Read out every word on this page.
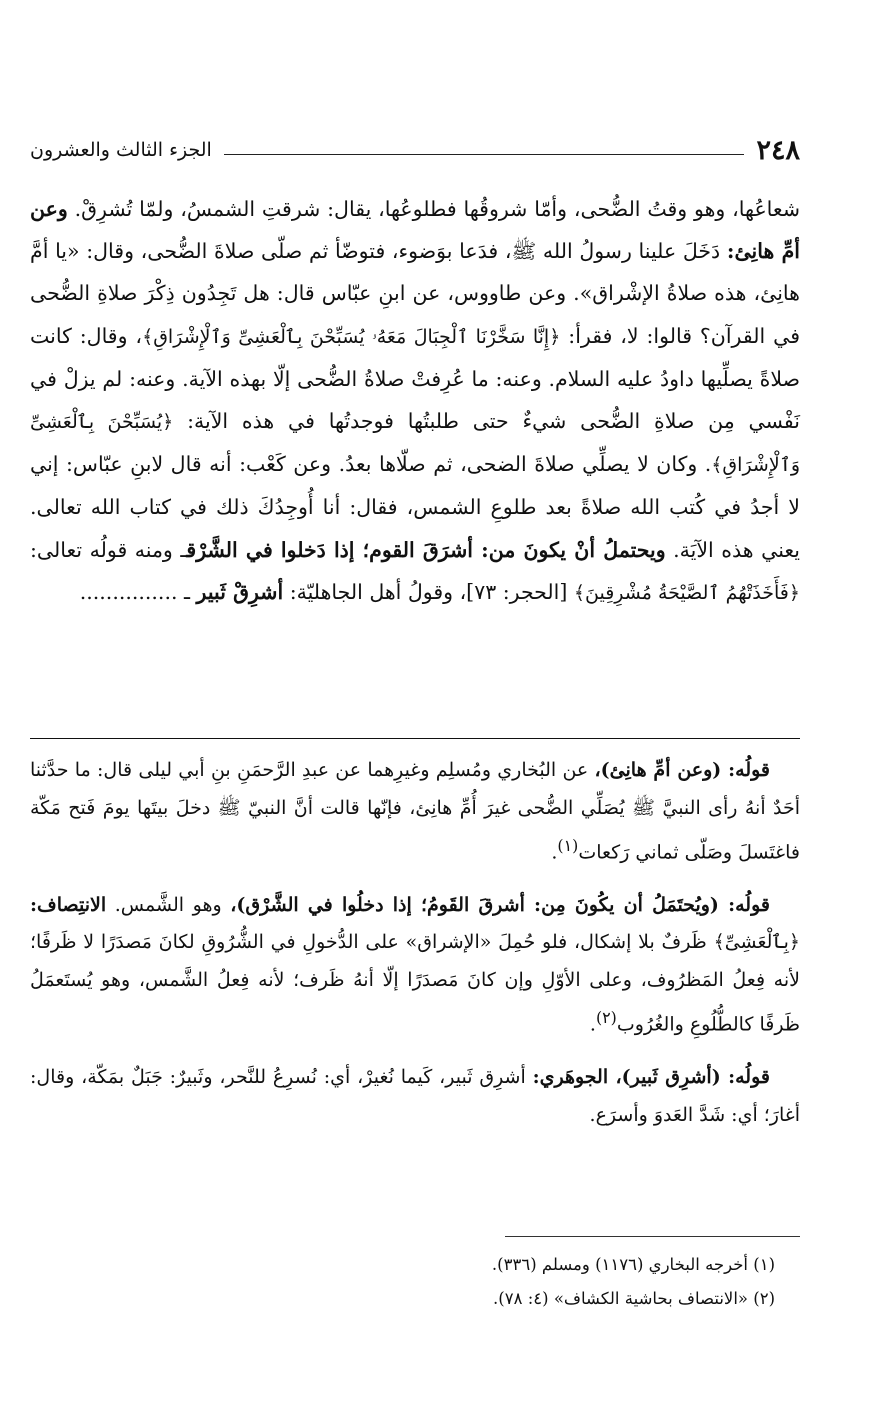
الجزء الثالث والعشرون	٢٤٨

شعاعُها، وهو وقتُ الضُّحى، وأمّا شروقُها فطلوعُها، يقال: شرقتِ الشمسُ، ولمّا تُشرِقْ. وعن أمِّ هانِئ: دَخَلَ علينا رسولُ الله ﷺ، فدَعا بوَضوء، فتوضّأ ثم صلّى صلاةَ الضُّحى، وقال: «يا أمَّ هانِئ، هذه صلاةُ الإشْراق». وعن طاووس، عن ابنِ عبّاس قال: هل تَجِدُون ذِكْرَ صلاةِ الضُّحى في القرآن؟ قالوا: لا، فقرأ: ﴿إِنَّا سَخَّرْنَا ٱلْجِبَالَ مَعَهُۥ يُسَبِّحْنَ بِٱلْعَشِىِّ وَٱلْإِشْرَاقِ﴾، وقال: كانت صلاةً يصلِّيها داودُ عليه السلام. وعنه: ما عُرِفتْ صلاةُ الضُّحى إلّا بهذه الآية. وعنه: لم يزلْ في نَفْسي مِن صلاةِ الضُّحى شيءٌ حتى طلبتُها فوجدتُها في هذه الآية: ﴿يُسَبِّحْنَ بِٱلْعَشِىِّ وَٱلْإِشْرَاقِ﴾. وكان لا يصلِّي صلاةَ الضحى، ثم صلّاها بعدُ. وعن كَعْب: أنه قال لابنِ عبّاس: إني لا أجدُ في كُتب الله صلاةً بعد طلوعِ الشمس، فقال: أنا أُوجِدُكَ ذلك في كتاب الله تعالى. يعني هذه الآيَة. ويحتملُ أنْ يكونَ من: أشرَقَ القوم؛ إذا دَخلوا في الشَّرْقـ ومنه قولُه تعالى: ﴿فَأَخَذَتْهُمُ ٱلصَّيْحَةُ مُشْرِقِينَ﴾ [الحجر: ٧٣]، وقولُ أهل الجاهليّة: أشرِقْ ثَبير ـ ...............

قولُه: (وعن أمِّ هانِئ)، عن البُخاري ومُسلِم وغيرِهما عن عبدِ الرَّحمَنِ بنِ أبي ليلى قال: ما حدَّثنا أحَدٌ أنهُ رأى النبيَّ ﷺ يُصَلِّي الضُّحى غيرَ أُمِّ هانِئ، فإنّها قالت أنَّ النبيّ ﷺ دخلَ بيتَها يومَ فَتح مَكّة فاغتَسلَ وصَلّى ثماني رَكعات$^{(١)}$.

قولُه: (ويُحتَمَلُ أن يكُونَ مِن: أشرقَ القَومُ؛ إذا دخلُوا في الشَّرْق)، وهو الشَّمس. الانتِصاف: ﴿بِٱلْعَشِىِّ﴾ ظَرفٌ بلا إشكال، فلو حُمِلَ «الإشراق» على الدُّخولِ في الشُّرُوقِ لكانَ مَصدَرًا لا ظَرفًا؛ لأنه فِعلُ المَظرُوف، وعلى الأوّلِ وإن كانَ مَصدَرًا إلّا أنهُ ظَرف؛ لأنه فِعلُ الشَّمس، وهو يُستَعمَلُ ظَرفًا كالطُّلُوعِ والغُرُوب$^{(٢)}$.

قولُه: (أشرِق ثَبير)، الجوهَري: أشرِق ثَبير، كَيما نُغيرْ، أي: نُسرِعُ للنَّحر، وثَبيرٌ: جَبَلٌ بمَكّة، وقال: أغارَ؛ أي: شَدَّ العَدوَ وأسرَع.

(١) أخرجه البخاري (١١٧٦) ومسلم (٣٣٦).

(٢) «الانتصاف بحاشية الكشاف» (٤: ٧٨).
